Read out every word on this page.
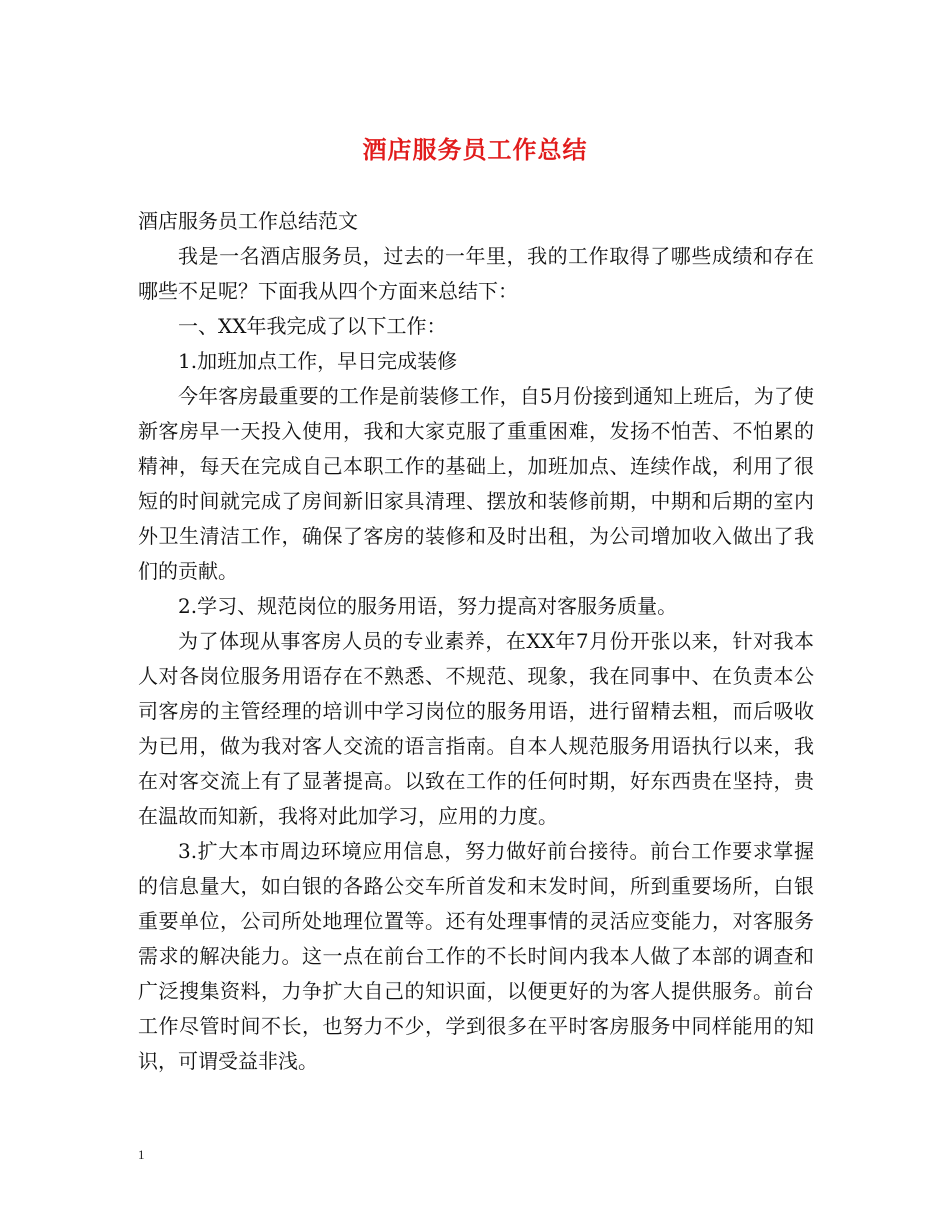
酒店服务员工作总结

酒店服务员工作总结范文

我是一名酒店服务员，过去的一年里，我的工作取得了哪些成绩和存在哪些不足呢？下面我从四个方面来总结下：

一、XX年我完成了以下工作：

1.加班加点工作，早日完成装修

今年客房最重要的工作是前装修工作，自5月份接到通知上班后，为了使新客房早一天投入使用，我和大家克服了重重困难，发扬不怕苦、不怕累的精神，每天在完成自己本职工作的基础上，加班加点、连续作战，利用了很短的时间就完成了房间新旧家具清理、摆放和装修前期，中期和后期的室内外卫生清洁工作，确保了客房的装修和及时出租，为公司增加收入做出了我们的贡献。

2.学习、规范岗位的服务用语，努力提高对客服务质量。

为了体现从事客房人员的专业素养，在XX年7月份开张以来，针对我本人对各岗位服务用语存在不熟悉、不规范、现象，我在同事中、在负责本公司客房的主管经理的培训中学习岗位的服务用语，进行留精去粗，而后吸收为已用，做为我对客人交流的语言指南。自本人规范服务用语执行以来，我在对客交流上有了显著提高。以致在工作的任何时期，好东西贵在坚持，贵在温故而知新，我将对此加学习，应用的力度。

3.扩大本市周边环境应用信息，努力做好前台接待。前台工作要求掌握的信息量大，如白银的各路公交车所首发和末发时间，所到重要场所，白银重要单位，公司所处地理位置等。还有处理事情的灵活应变能力，对客服务需求的解决能力。这一点在前台工作的不长时间内我本人做了本部的调查和广泛搜集资料，力争扩大自己的知识面，以便更好的为客人提供服务。前台工作尽管时间不长，也努力不少，学到很多在平时客房服务中同样能用的知识，可谓受益非浅。

1
